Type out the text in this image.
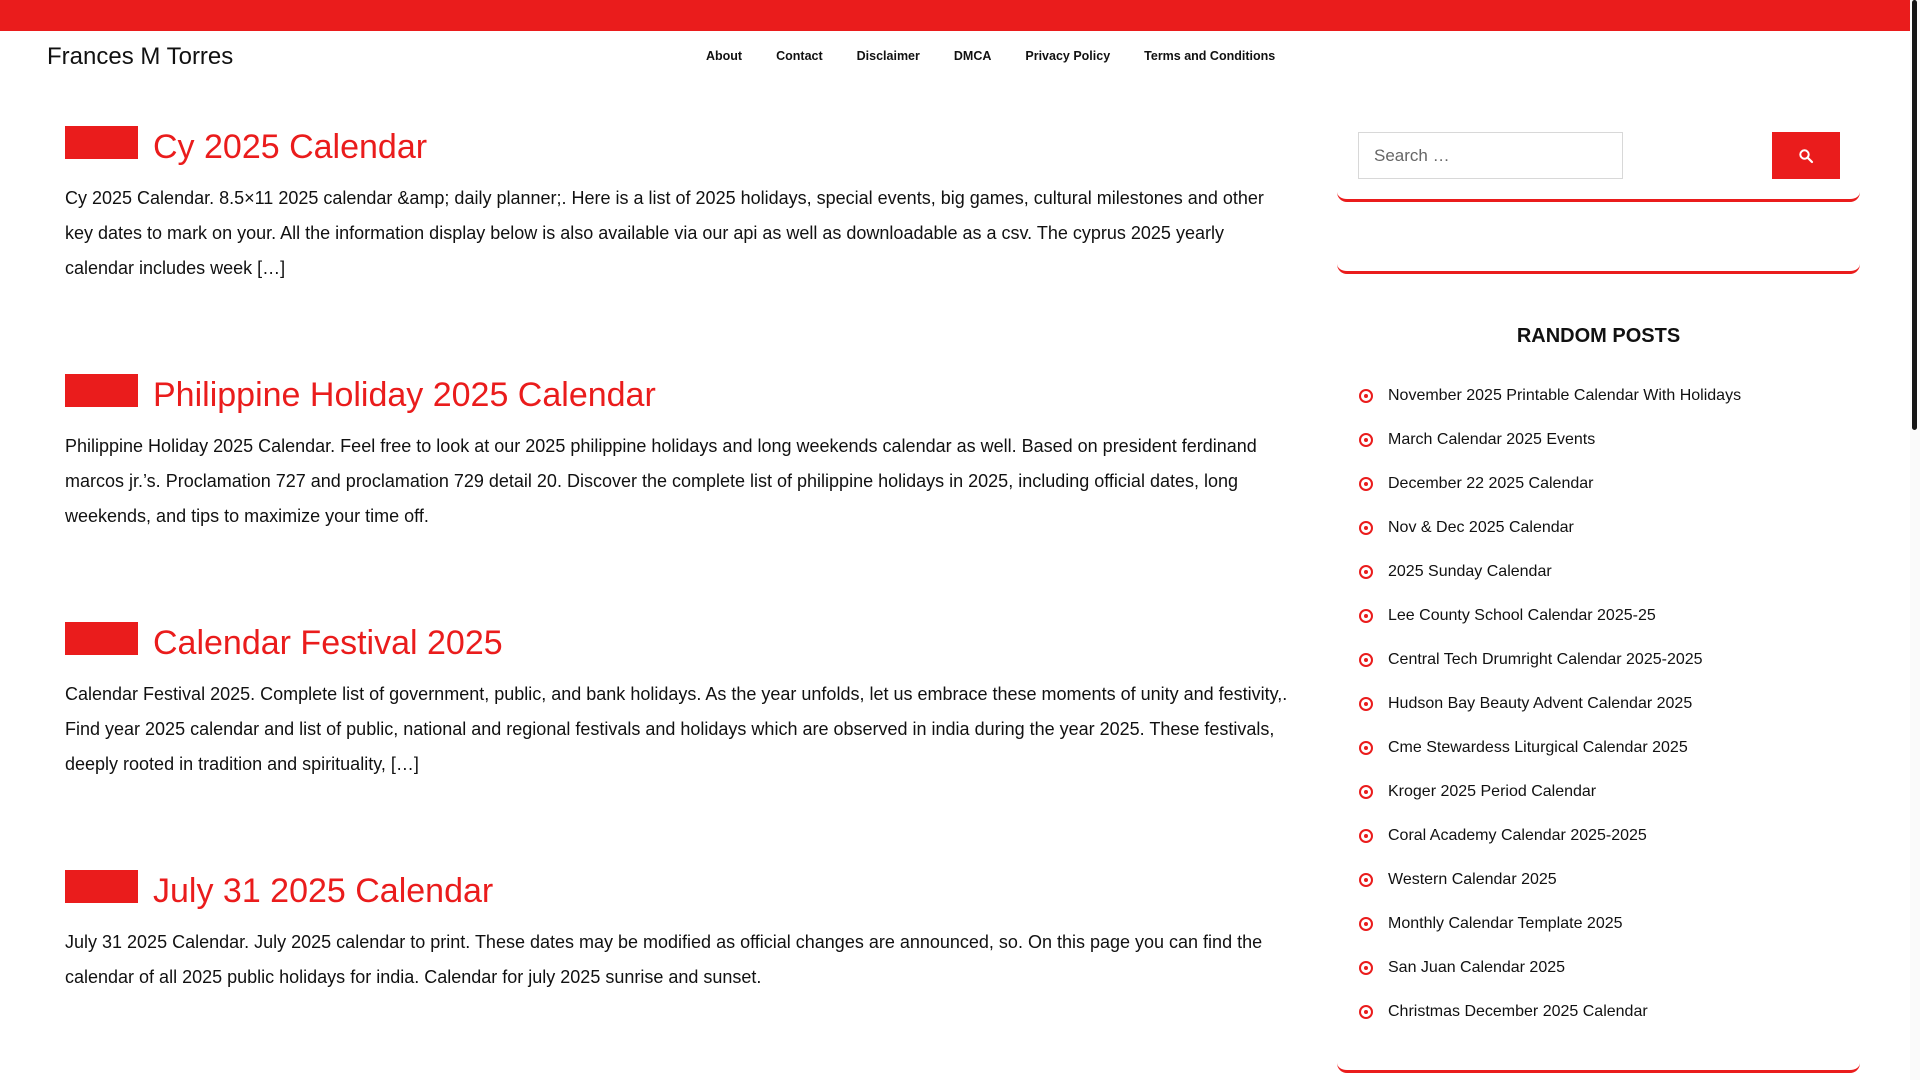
Frances M Torres	About	Contact	Disclaimer	DMCA	Privacy Policy	Terms and Conditions
Cy 2025 Calendar

Cy 2025 Calendar. 8.5×11 2025 calendar &amp; daily planner;. Here is a list of 2025 holidays, special events, big games, cultural milestones and other key dates to mark on your. All the information display below is also available via our api as well as downloadable as a csv. The cyprus 2025 yearly calendar includes week […]

Philippine Holiday 2025 Calendar

Philippine Holiday 2025 Calendar. Feel free to look at our 2025 philippine holidays and long weekends calendar as well. Based on president ferdinand marcos jr.’s. Proclamation 727 and proclamation 729 detail 20. Discover the complete list of philippine holidays in 2025, including official dates, long weekends, and tips to maximize your time off.

Calendar Festival 2025

Calendar Festival 2025. Complete list of government, public, and bank holidays. As the year unfolds, let us embrace these moments of unity and festivity,. Find year 2025 calendar and list of public, national and regional festivals and holidays which are observed in india during the year 2025. These festivals, deeply rooted in tradition and spirituality, […]

July 31 2025 Calendar

July 31 2025 Calendar. July 2025 calendar to print. These dates may be modified as official changes are announced, so. On this page you can find the calendar of all 2025 public holidays for india. Calendar for july 2025 sunrise and sunset.

Search …
RANDOM POSTS
November 2025 Printable Calendar With Holidays
March Calendar 2025 Events
December 22 2025 Calendar
Nov & Dec 2025 Calendar
2025 Sunday Calendar
Lee County School Calendar 2025-25
Central Tech Drumright Calendar 2025-2025
Hudson Bay Beauty Advent Calendar 2025
Cme Stewardess Liturgical Calendar 2025
Kroger 2025 Period Calendar
Coral Academy Calendar 2025-2025
Western Calendar 2025
Monthly Calendar Template 2025
San Juan Calendar 2025
Christmas December 2025 Calendar
